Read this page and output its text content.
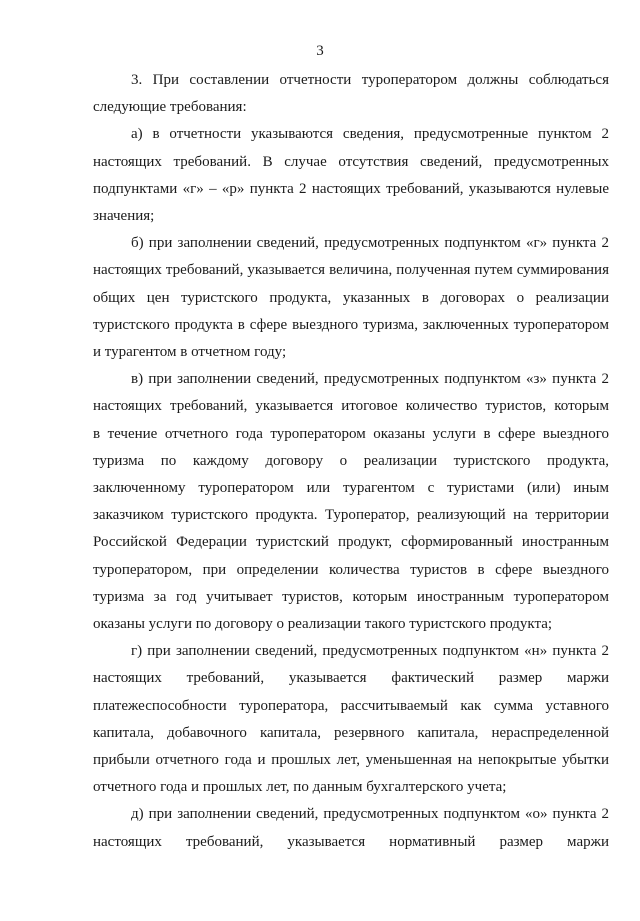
3
3. При составлении отчетности туроператором должны соблюдаться
следующие требования:
а) в отчетности указываются сведения, предусмотренные пунктом 2
настоящих требований. В случае отсутствия сведений, предусмотренных
подпунктами «г» – «р» пункта 2 настоящих требований, указываются нулевые
значения;
б) при заполнении сведений, предусмотренных подпунктом «г» пункта 2
настоящих требований, указывается величина, полученная путем суммирования
общих цен туристского продукта, указанных в договорах о реализации
туристского продукта в сфере выездного туризма, заключенных туроператором
и турагентом в отчетном году;
в) при заполнении сведений, предусмотренных подпунктом «з» пункта 2
настоящих требований, указывается итоговое количество туристов, которым
в течение отчетного года туроператором оказаны услуги в сфере выездного
туризма по каждому договору о реализации туристского продукта,
заключенному туроператором или турагентом с туристами (или) иным
заказчиком туристского продукта. Туроператор, реализующий на территории
Российской Федерации туристский продукт, сформированный иностранным
туроператором, при определении количества туристов в сфере выездного
туризма за год учитывает туристов, которым иностранным туроператором
оказаны услуги по договору о реализации такого туристского продукта;
г) при заполнении сведений, предусмотренных подпунктом «н» пункта 2
настоящих требований, указывается фактический размер маржи
платежеспособности туроператора, рассчитываемый как сумма уставного
капитала, добавочного капитала, резервного капитала, нераспределенной
прибыли отчетного года и прошлых лет, уменьшенная на непокрытые убытки
отчетного года и прошлых лет, по данным бухгалтерского учета;
д) при заполнении сведений, предусмотренных подпунктом «о» пункта 2
настоящих требований, указывается нормативный размер маржи
